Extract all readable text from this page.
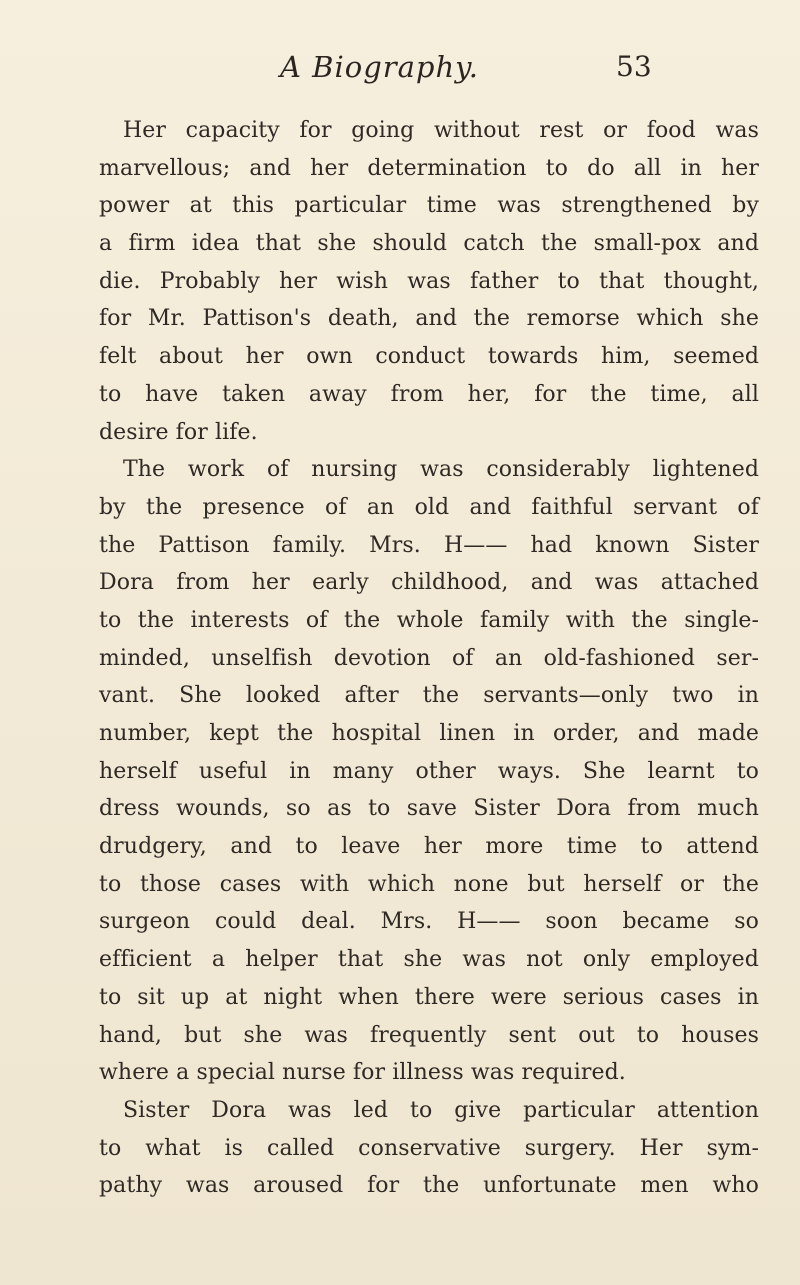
A Biography.	53
Her capacity for going without rest or food was
marvellous; and her determination to do all in her
power at this particular time was strengthened by
a firm idea that she should catch the small-pox and
die. Probably her wish was father to that thought,
for Mr. Pattison's death, and the remorse which she
felt about her own conduct towards him, seemed
to have taken away from her, for the time, all
desire for life.
The work of nursing was considerably lightened
by the presence of an old and faithful servant of
the Pattison family. Mrs. H—— had known Sister
Dora from her early childhood, and was attached
to the interests of the whole family with the single-
minded, unselfish devotion of an old-fashioned ser-
vant. She looked after the servants—only two in
number, kept the hospital linen in order, and made
herself useful in many other ways. She learnt to
dress wounds, so as to save Sister Dora from much
drudgery, and to leave her more time to attend
to those cases with which none but herself or the
surgeon could deal. Mrs. H—— soon became so
efficient a helper that she was not only employed
to sit up at night when there were serious cases in
hand, but she was frequently sent out to houses
where a special nurse for illness was required.
Sister Dora was led to give particular attention
to what is called conservative surgery. Her sym-
pathy was aroused for the unfortunate men who
